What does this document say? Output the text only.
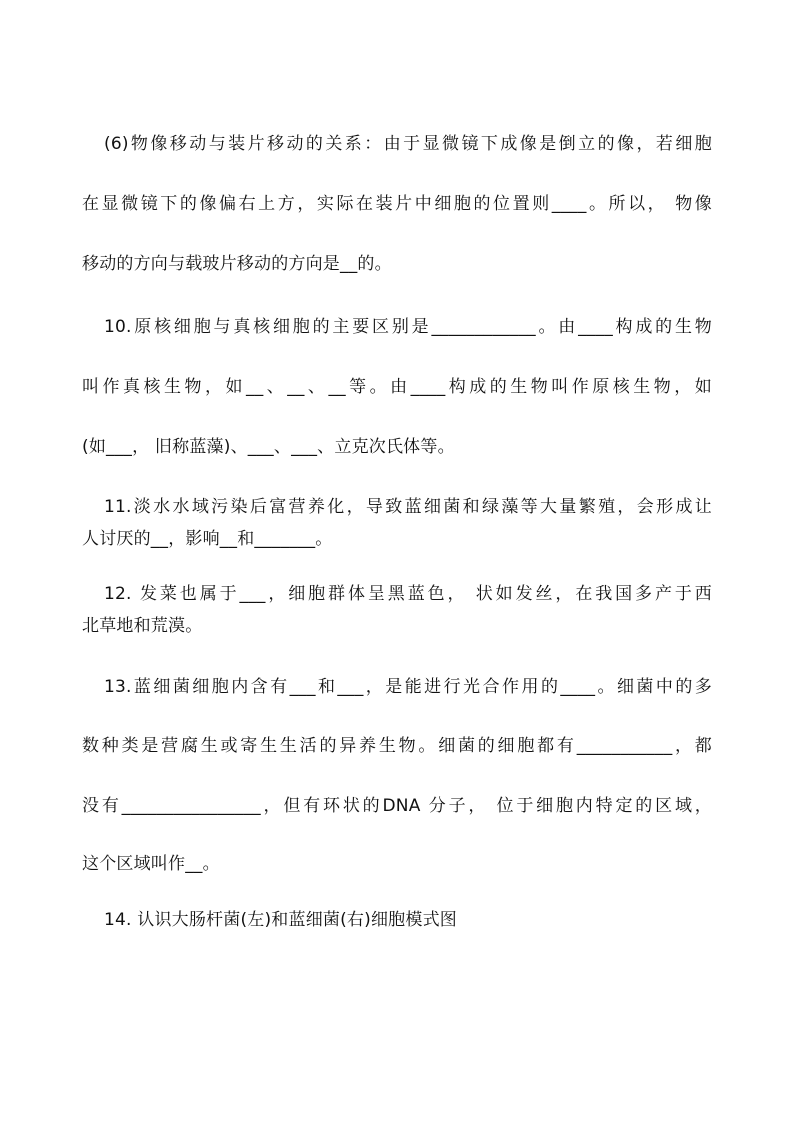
(6)物像移动与装片移动的关系：由于显微镜下成像是倒立的像，若细胞
在显微镜下的像偏右上方，实际在装片中细胞的位置则____。所以， 物像
移动的方向与载玻片移动的方向是__的。
10.原核细胞与真核细胞的主要区别是____________。由____构成的生物
叫作真核生物，如__、__、__等。由____构成的生物叫作原核生物，如
(如___， 旧称蓝藻)、___、___、立克次氏体等。
11.淡水水域污染后富营养化，导致蓝细菌和绿藻等大量繁殖，会形成让
人讨厌的__，影响__和_______。
12. 发菜也属于___，细胞群体呈黑蓝色， 状如发丝，在我国多产于西
北草地和荒漠。
13.蓝细菌细胞内含有___和___，是能进行光合作用的____。细菌中的多
数种类是营腐生或寄生生活的异养生物。细菌的细胞都有___________，都
没有________________，但有环状的DNA 分子， 位于细胞内特定的区域，
这个区域叫作__。
14. 认识大肠杆菌(左)和蓝细菌(右)细胞模式图
